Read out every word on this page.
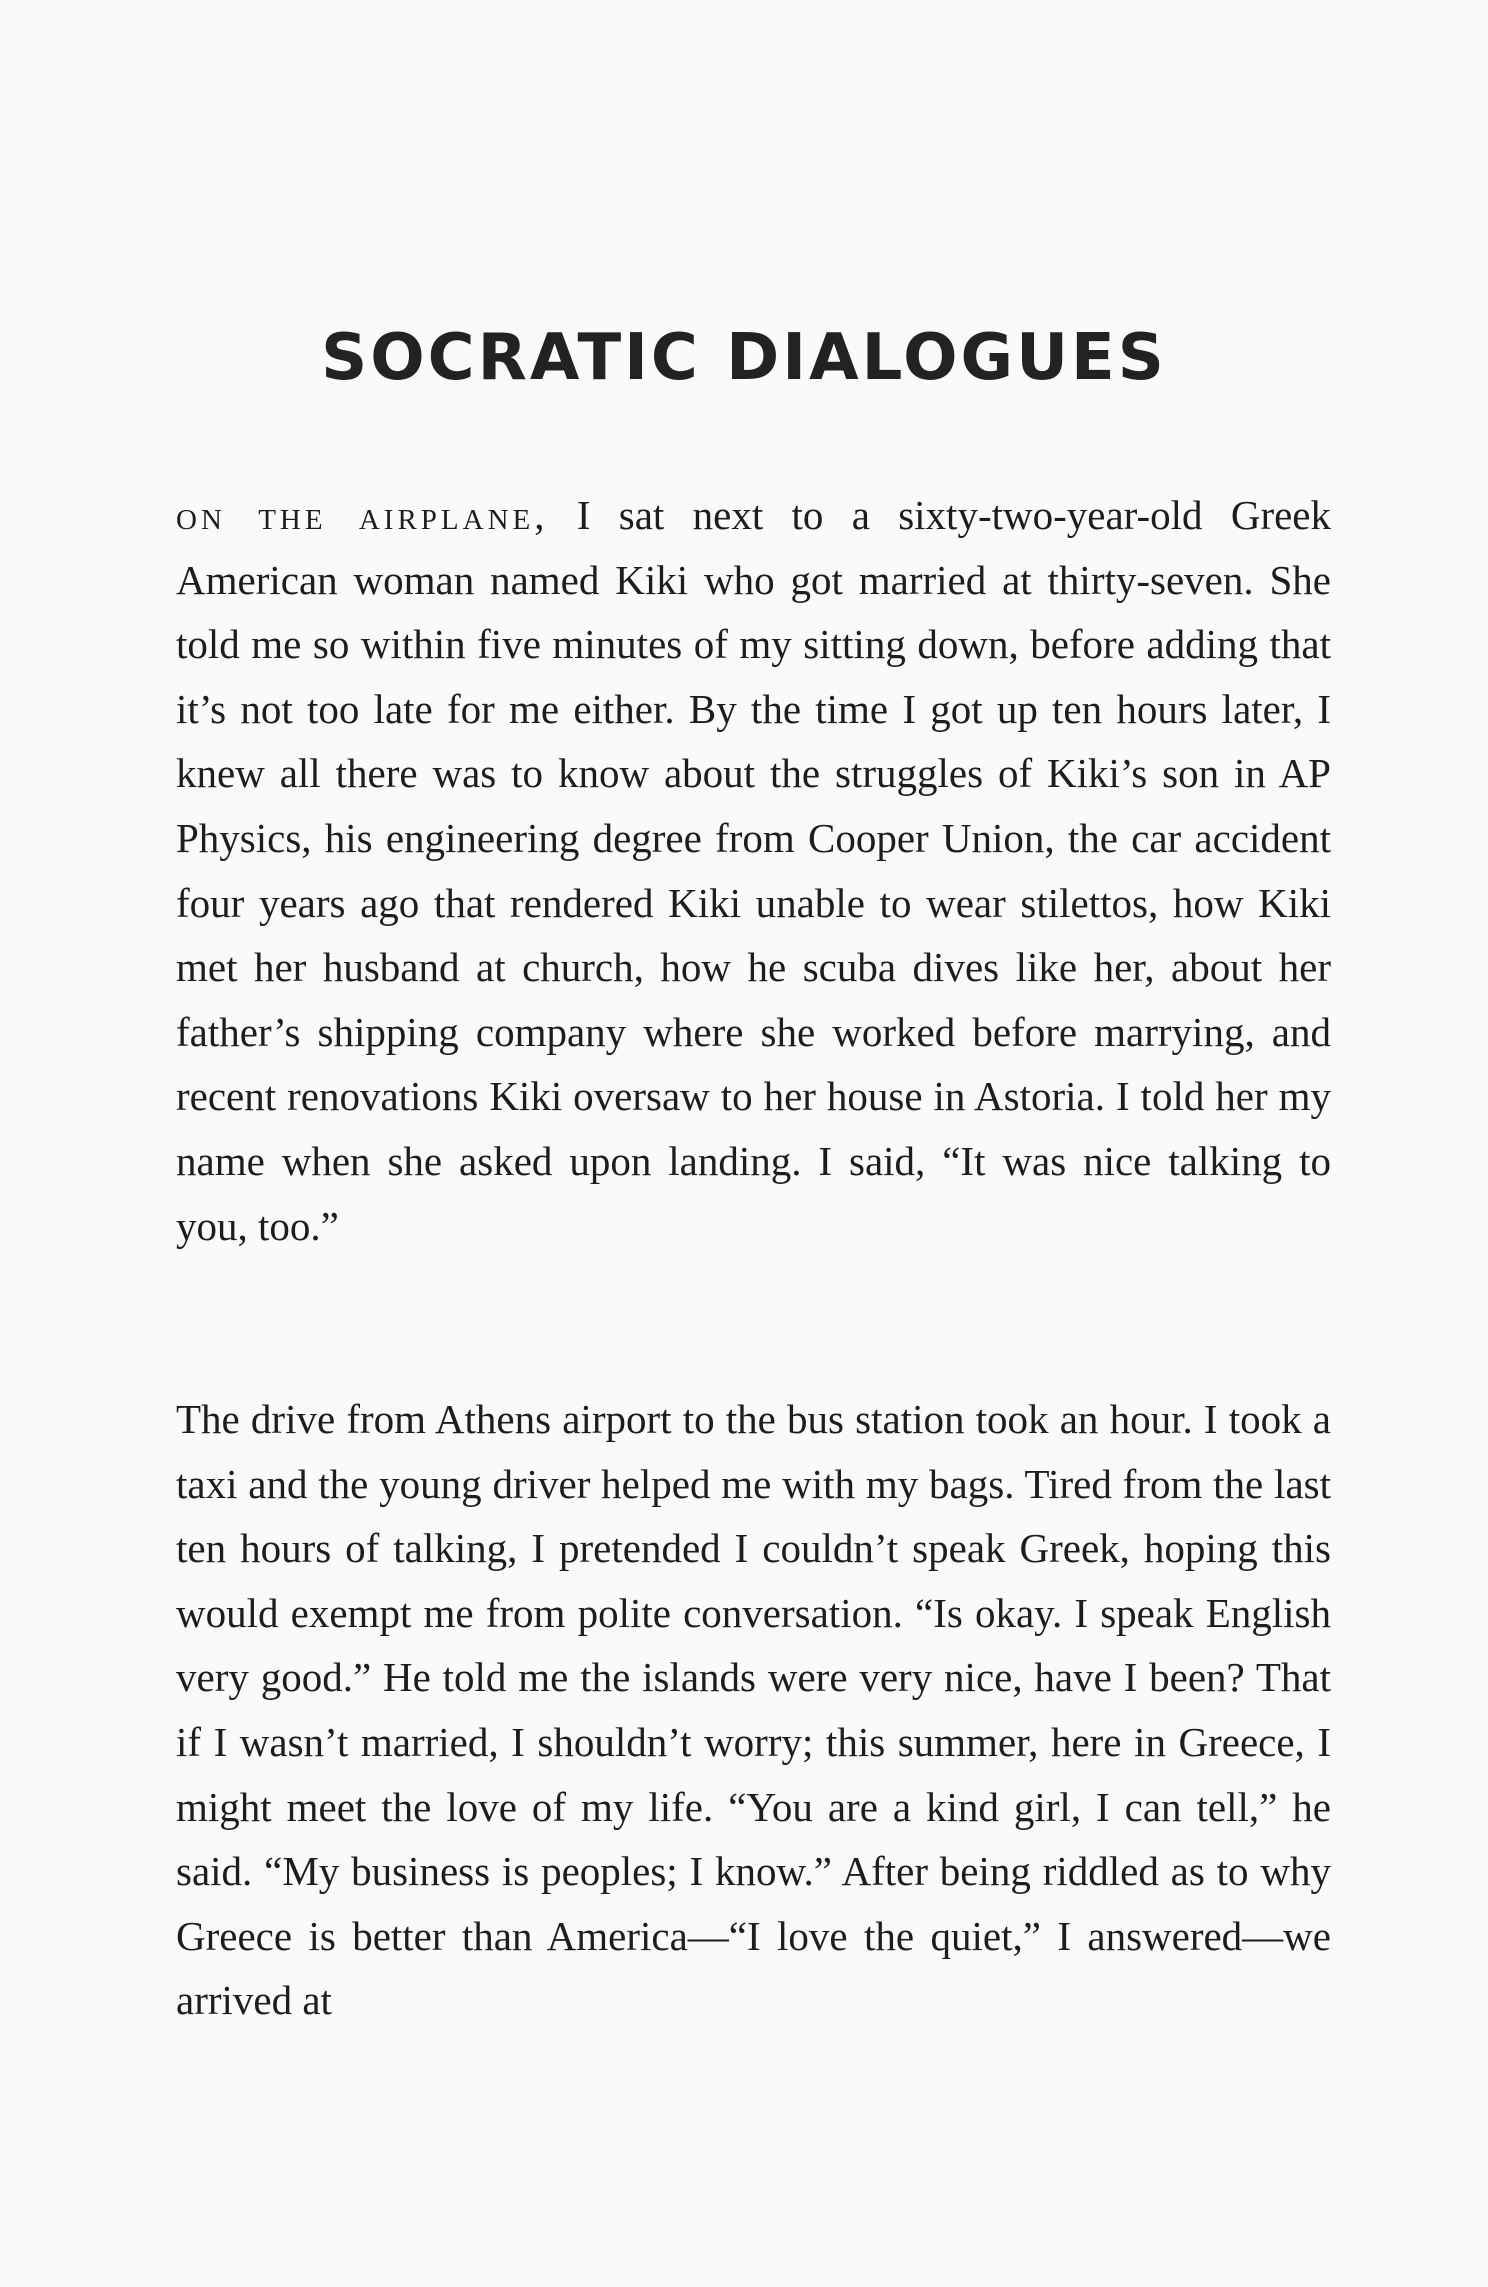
SOCRATIC DIALOGUES

on the airplane, I sat next to a sixty-two-year-old Greek American woman named Kiki who got married at thirty-seven. She told me so within five minutes of my sitting down, before adding that it’s not too late for me either. By the time I got up ten hours later, I knew all there was to know about the struggles of Kiki’s son in AP Physics, his engineering degree from Cooper Union, the car accident four years ago that rendered Kiki unable to wear stilettos, how Kiki met her husband at church, how he scuba dives like her, about her father’s shipping company where she worked before marrying, and recent renovations Kiki oversaw to her house in Astoria. I told her my name when she asked upon landing. I said, “It was nice talking to you, too.”

The drive from Athens airport to the bus station took an hour. I took a taxi and the young driver helped me with my bags. Tired from the last ten hours of talking, I pretended I couldn’t speak Greek, hoping this would exempt me from polite conversation. “Is okay. I speak English very good.” He told me the islands were very nice, have I been? That if I wasn’t married, I shouldn’t worry; this summer, here in Greece, I might meet the love of my life. “You are a kind girl, I can tell,” he said. “My business is peoples; I know.” After being riddled as to why Greece is better than America—“I love the quiet,” I answered—we arrived at
